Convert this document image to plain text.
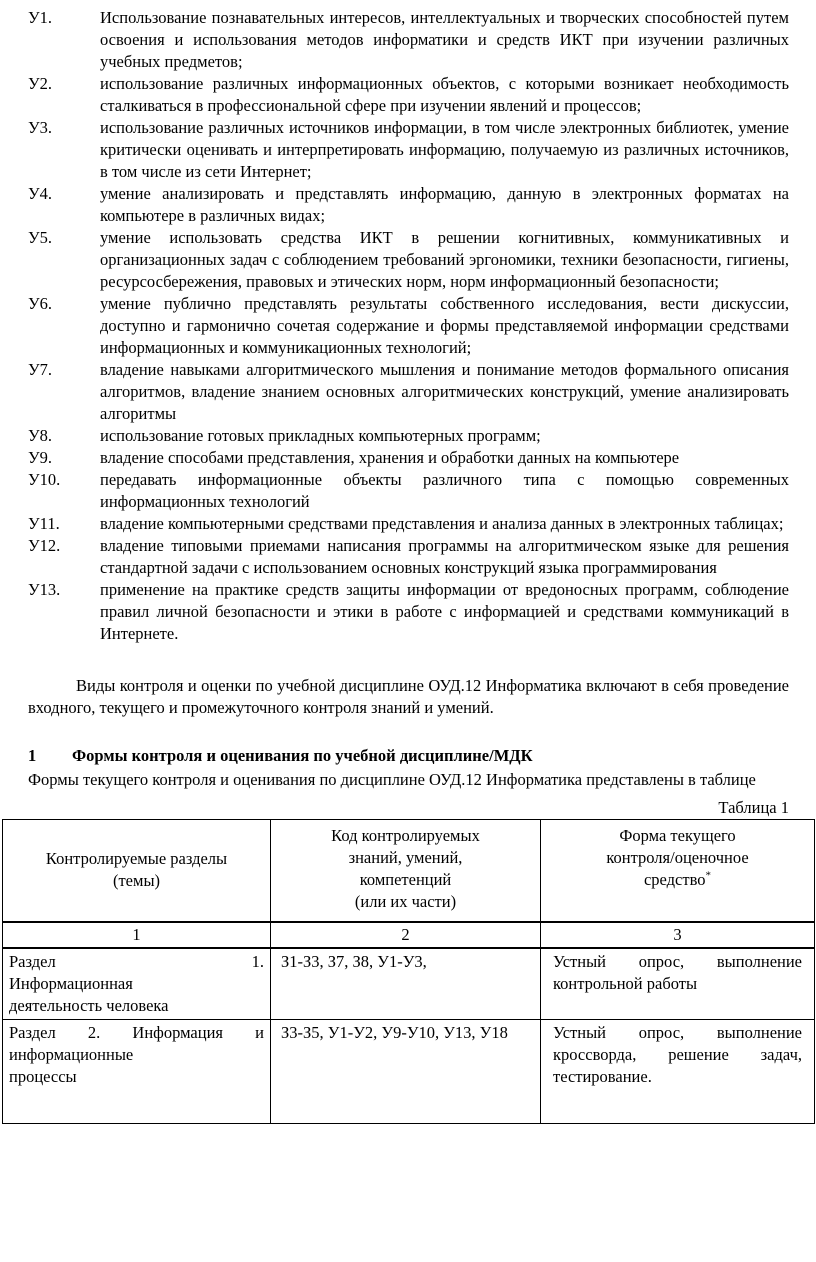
У1.	Использование познавательных интересов, интеллектуальных и творческих способностей путем освоения и использования методов информатики и средств ИКТ при изучении различных учебных предметов;
У2.	использование различных информационных объектов, с которыми возникает необходимость сталкиваться в профессиональной сфере при изучении явлений и процессов;
У3.	использование различных источников информации, в том числе электронных библиотек, умение критически оценивать и интерпретировать информацию, получаемую из различных источников, в том числе из сети Интернет;
У4.	умение анализировать и представлять информацию, данную в электронных форматах на компьютере в различных видах;
У5.	умение использовать средства ИКТ в решении когнитивных, коммуникативных и организационных задач с соблюдением требований эргономики, техники безопасности, гигиены, ресурсосбережения, правовых и этических норм, норм информационный безопасности;
У6.	умение публично представлять результаты собственного исследования, вести дискуссии, доступно и гармонично сочетая содержание и формы представляемой информации средствами информационных и коммуникационных технологий;
У7.	владение навыками алгоритмического мышления и понимание методов формального описания алгоритмов, владение знанием основных алгоритмических конструкций, умение анализировать алгоритмы
У8.	использование готовых прикладных компьютерных программ;
У9.	владение способами представления, хранения и обработки данных на компьютере
У10. передавать информационные объекты различного типа с помощью современных информационных технологий
У11. владение компьютерными средствами представления и анализа данных в электронных таблицах;
У12. владение типовыми приемами написания программы на алгоритмическом языке для решения стандартной задачи с использованием основных конструкций языка программирования
У13. применение на практике средств защиты информации от вредоносных программ, соблюдение правил личной безопасности и этики в работе с информацией и средствами коммуникаций в Интернете.

Виды контроля и оценки по учебной дисциплине ОУД.12 Информатика включают в себя проведение входного, текущего и промежуточного контроля знаний и умений.

1	Формы контроля и оценивания по учебной дисциплине/МДК

Формы текущего контроля и оценивания по дисциплине ОУД.12 Информатика представлены в таблице

Таблица 1
Контролируемые разделы
(темы)

Код контролируемых
знаний, умений,
компетенций
(или их части)

Форма текущего
контроля/оценочное
средство*

1	2	3

Раздел 1.
Информационная
деятельность человека	З1-З3, З7, З8, У1-У3,	Устный опрос, выполнение контрольной работы

Раздел 2. Информация и
информационные
процессы	З3-З5, У1-У2, У9-У10, У13, У18	Устный опрос, выполнение кроссворда, решение задач, тестирование.
